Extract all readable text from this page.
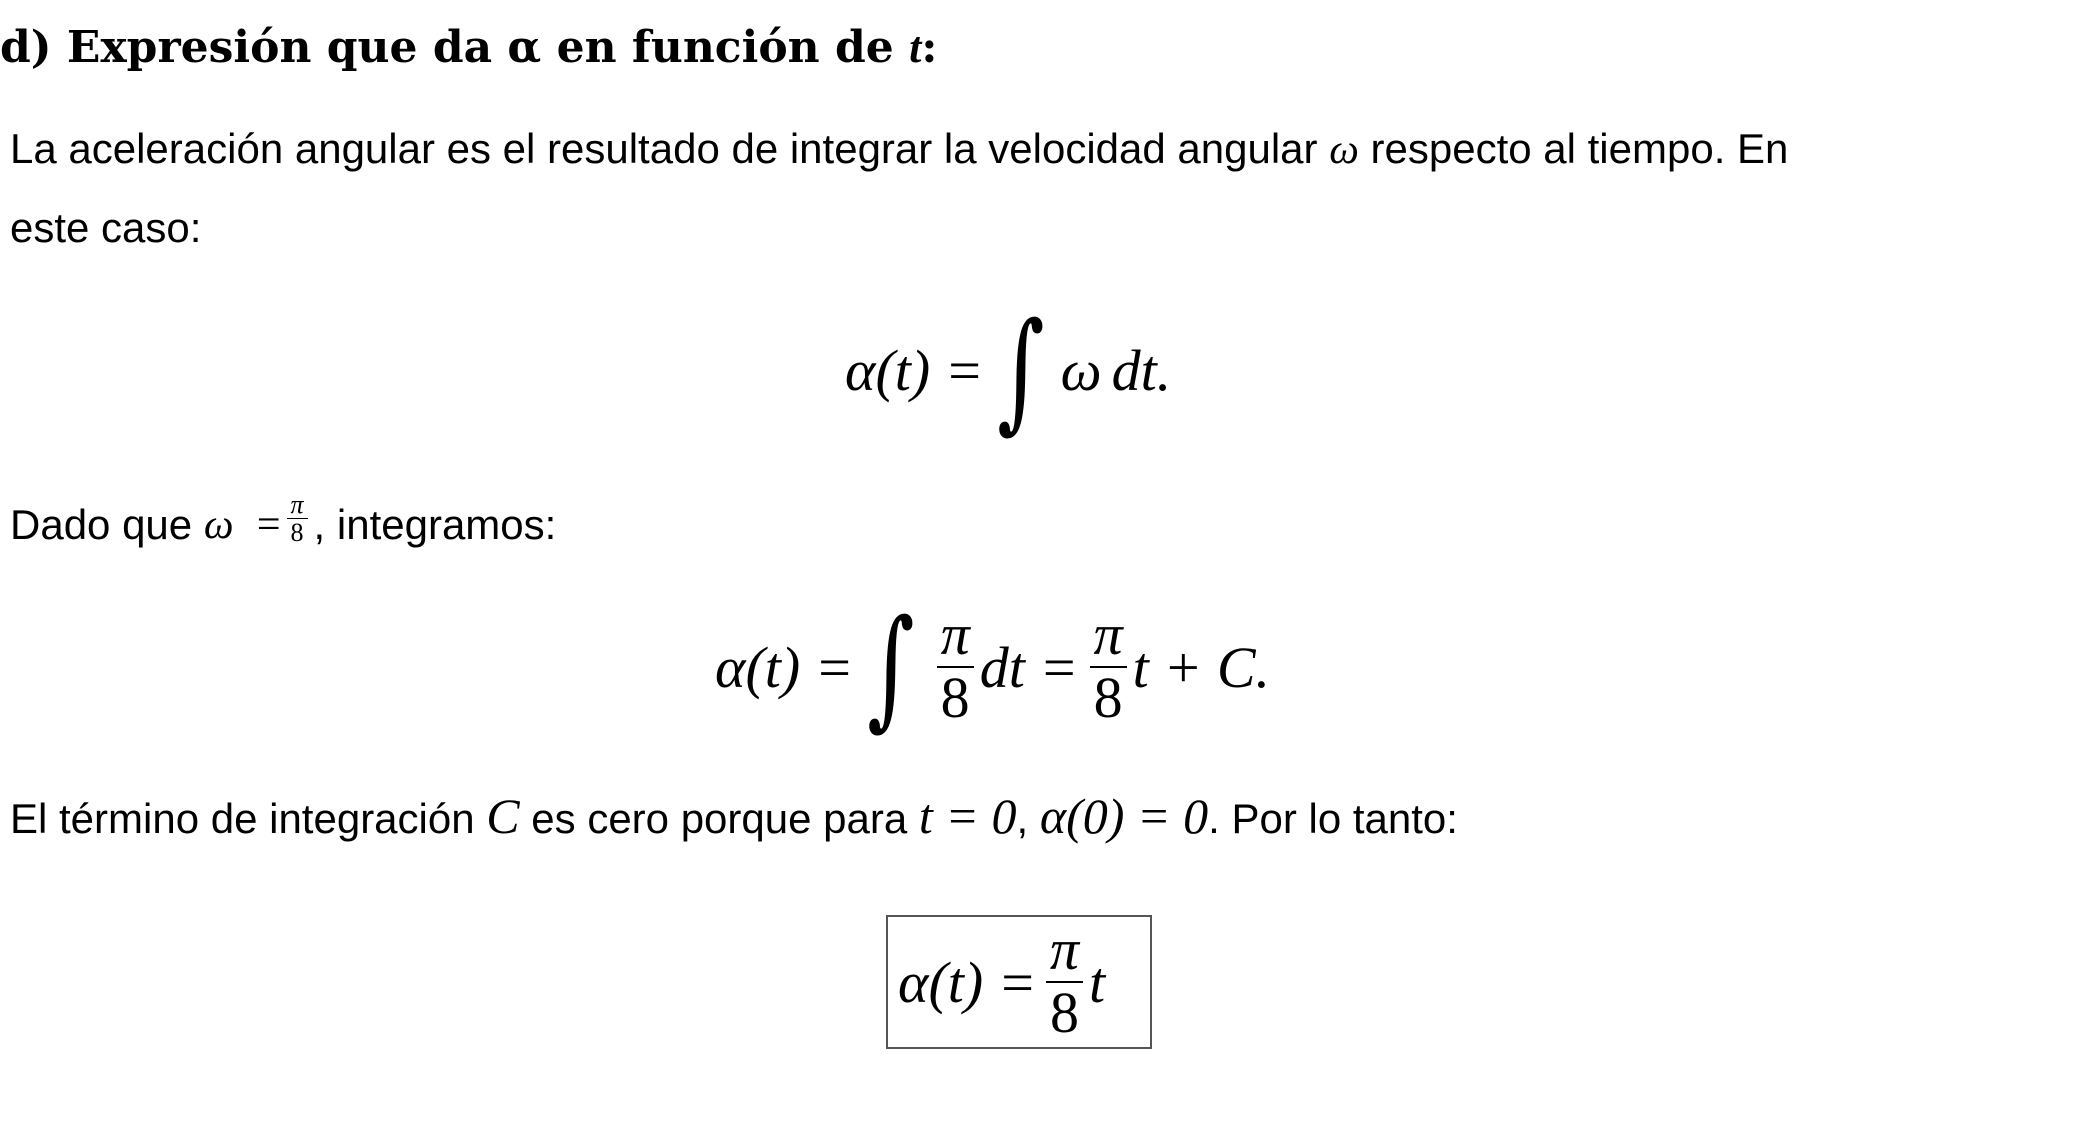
d) Expresión que da α en función de t:
La aceleración angular es el resultado de integrar la velocidad angular ω respecto al tiempo. En
este caso:
α(t) = ∫ ω dt.
Dado que
ω
= $\frac{\pi}{8}$ , integramos:
α(t) = ∫ $\frac{\pi}{8}$ dt = $\frac{\pi}{8}$ t + C.
El término de integración C es cero porque para t = 0, α(0) = 0. Por lo tanto:
$\alpha(t) = \frac{\pi}{8}$ t
